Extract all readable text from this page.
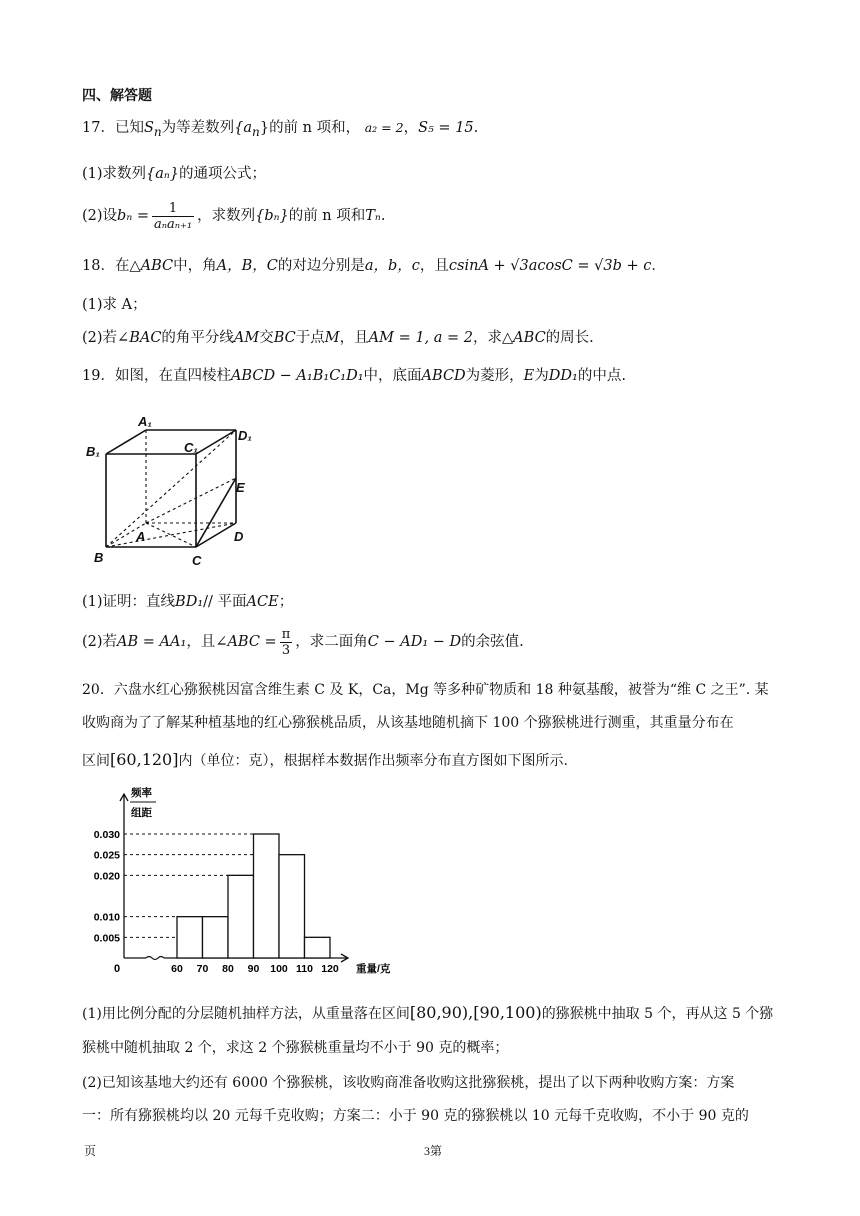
四、解答题
17．已知$S_n$为等差数列$\{a_n\}$的前 n 项和， a₂ = 2，S₅ = 15.
(1)求数列{aₙ}的通项公式；
(2)设$b_n = \frac{1}{\text{aₙaₙ₊₁}}$ ，求数列{bₙ}的前 n 项和Tₙ.
18．在△ABC中，角A，B，C的对边分别是a，b，c，且csinA + √3acosC = √3b + c．
(1)求 A；
(2)若∠BAC的角平分线AM交BC于点M，且AM = 1, a = 2，求△ABC的周长.
19．如图，在直四棱柱ABCD − A₁B₁C₁D₁中，底面ABCD为菱形，E为DD₁的中点.
A₁
B₁	C₁
D₁
E
A
B	C
D
(1)证明：直线BD₁// 平面ACE；
(2)若AB = AA₁，且∠ABC = $\frac{\pi}{3}$ ，求二面角C − AD₁ − D的余弦值.
20．六盘水红心猕猴桃因富含维生素 C 及 K，Ca，Mg 等多种矿物质和 18 种氨基酸，被誉为“维 C 之王”. 某
收购商为了了解某种植基地的红心猕猴桃品质，从该基地随机摘下 100 个猕猴桃进行测重，其重量分布在
区间[60,120]内（单位：克），根据样本数据作出频率分布直方图如下图所示.
频率
组距
0.005
0.010
0.020
0.025
0.030
0	60 70 80 90 100 110 120 重量/克
(1)用比例分配的分层随机抽样方法，从重量落在区间[80,90),[90,100)的猕猴桃中抽取 5 个，再从这 5 个猕
猴桃中随机抽取 2 个，求这 2 个猕猴桃重量均不小于 90 克的概率；
(2)已知该基地大约还有 6000 个猕猴桃，该收购商准备收购这批猕猴桃，提出了以下两种收购方案：方案
一：所有猕猴桃均以 20 元每千克收购；方案二：小于 90 克的猕猴桃以 10 元每千克收购，不小于 90 克的
页	3第
